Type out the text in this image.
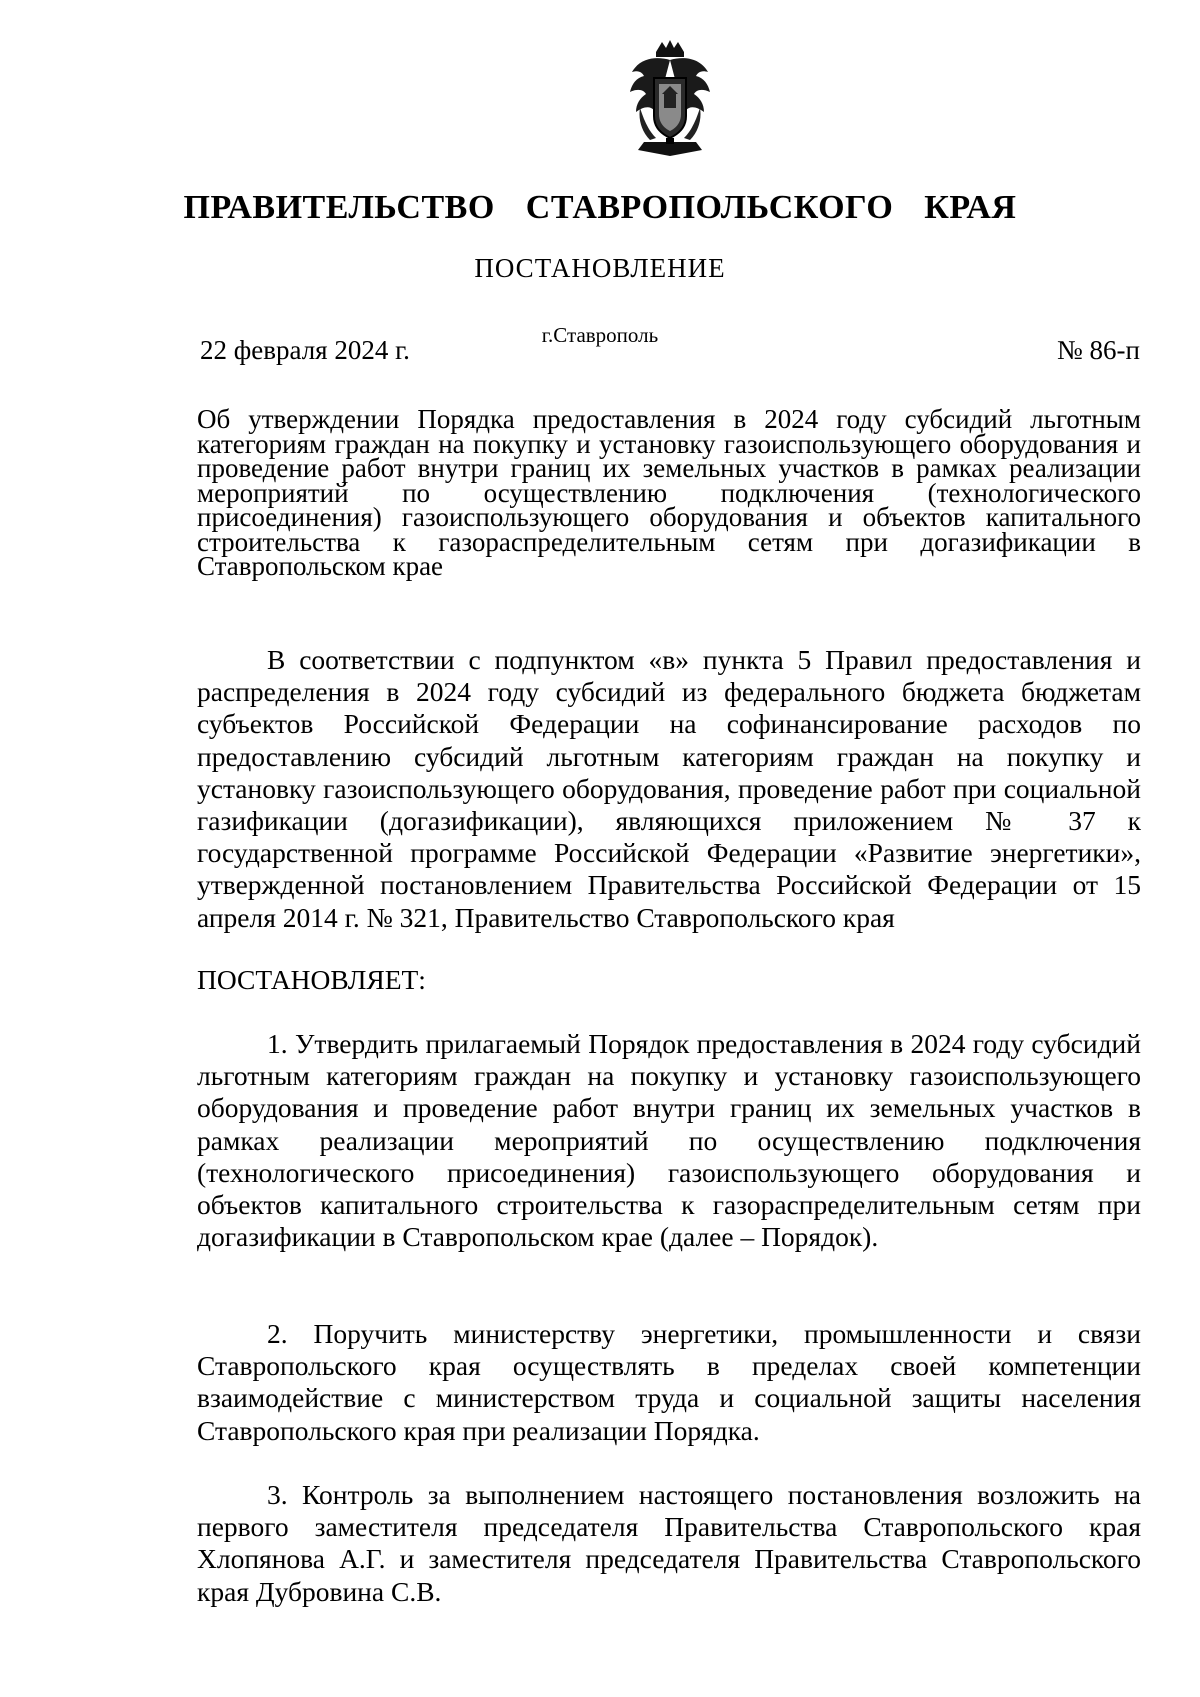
ПРАВИТЕЛЬСТВО СТАВРОПОЛЬСКОГО КРАЯ
ПОСТАНОВЛЕНИЕ
22 февраля 2024 г.	г.Ставрополь	№ 86-п
Об утверждении Порядка предоставления в 2024 году субсидий льготным категориям граждан на покупку и установку газоиспользующего оборудования и проведение работ внутри границ их земельных участков в рамках реализации мероприятий по осуществлению подключения (технологического присоединения) газоиспользующего оборудования и объектов капитального строительства к газораспределительным сетям при догазификации в Ставропольском крае

В соответствии с подпунктом «в» пункта 5 Правил предоставления и распределения в 2024 году субсидий из федерального бюджета бюджетам субъектов Российской Федерации на софинансирование расходов по предоставлению субсидий льготным категориям граждан на покупку и установку газоиспользующего оборудования, проведение работ при социальной газификации (догазификации), являющихся приложением № 37 к государственной программе Российской Федерации «Развитие энергетики», утвержденной постановлением Правительства Российской Федерации от 15 апреля 2014 г. № 321, Правительство Ставропольского края

ПОСТАНОВЛЯЕТ:

1. Утвердить прилагаемый Порядок предоставления в 2024 году субсидий льготным категориям граждан на покупку и установку газоиспользующего оборудования и проведение работ внутри границ их земельных участков в рамках реализации мероприятий по осуществлению подключения (технологического присоединения) газоиспользующего оборудования и объектов капитального строительства к газораспределительным сетям при догазификации в Ставропольском крае (далее – Порядок).

2. Поручить министерству энергетики, промышленности и связи Ставропольского края осуществлять в пределах своей компетенции взаимодействие с министерством труда и социальной защиты населения Ставропольского края при реализации Порядка.

3. Контроль за выполнением настоящего постановления возложить на первого заместителя председателя Правительства Ставропольского края Хлопянова А.Г. и заместителя председателя Правительства Ставропольского края Дубровина С.В.
